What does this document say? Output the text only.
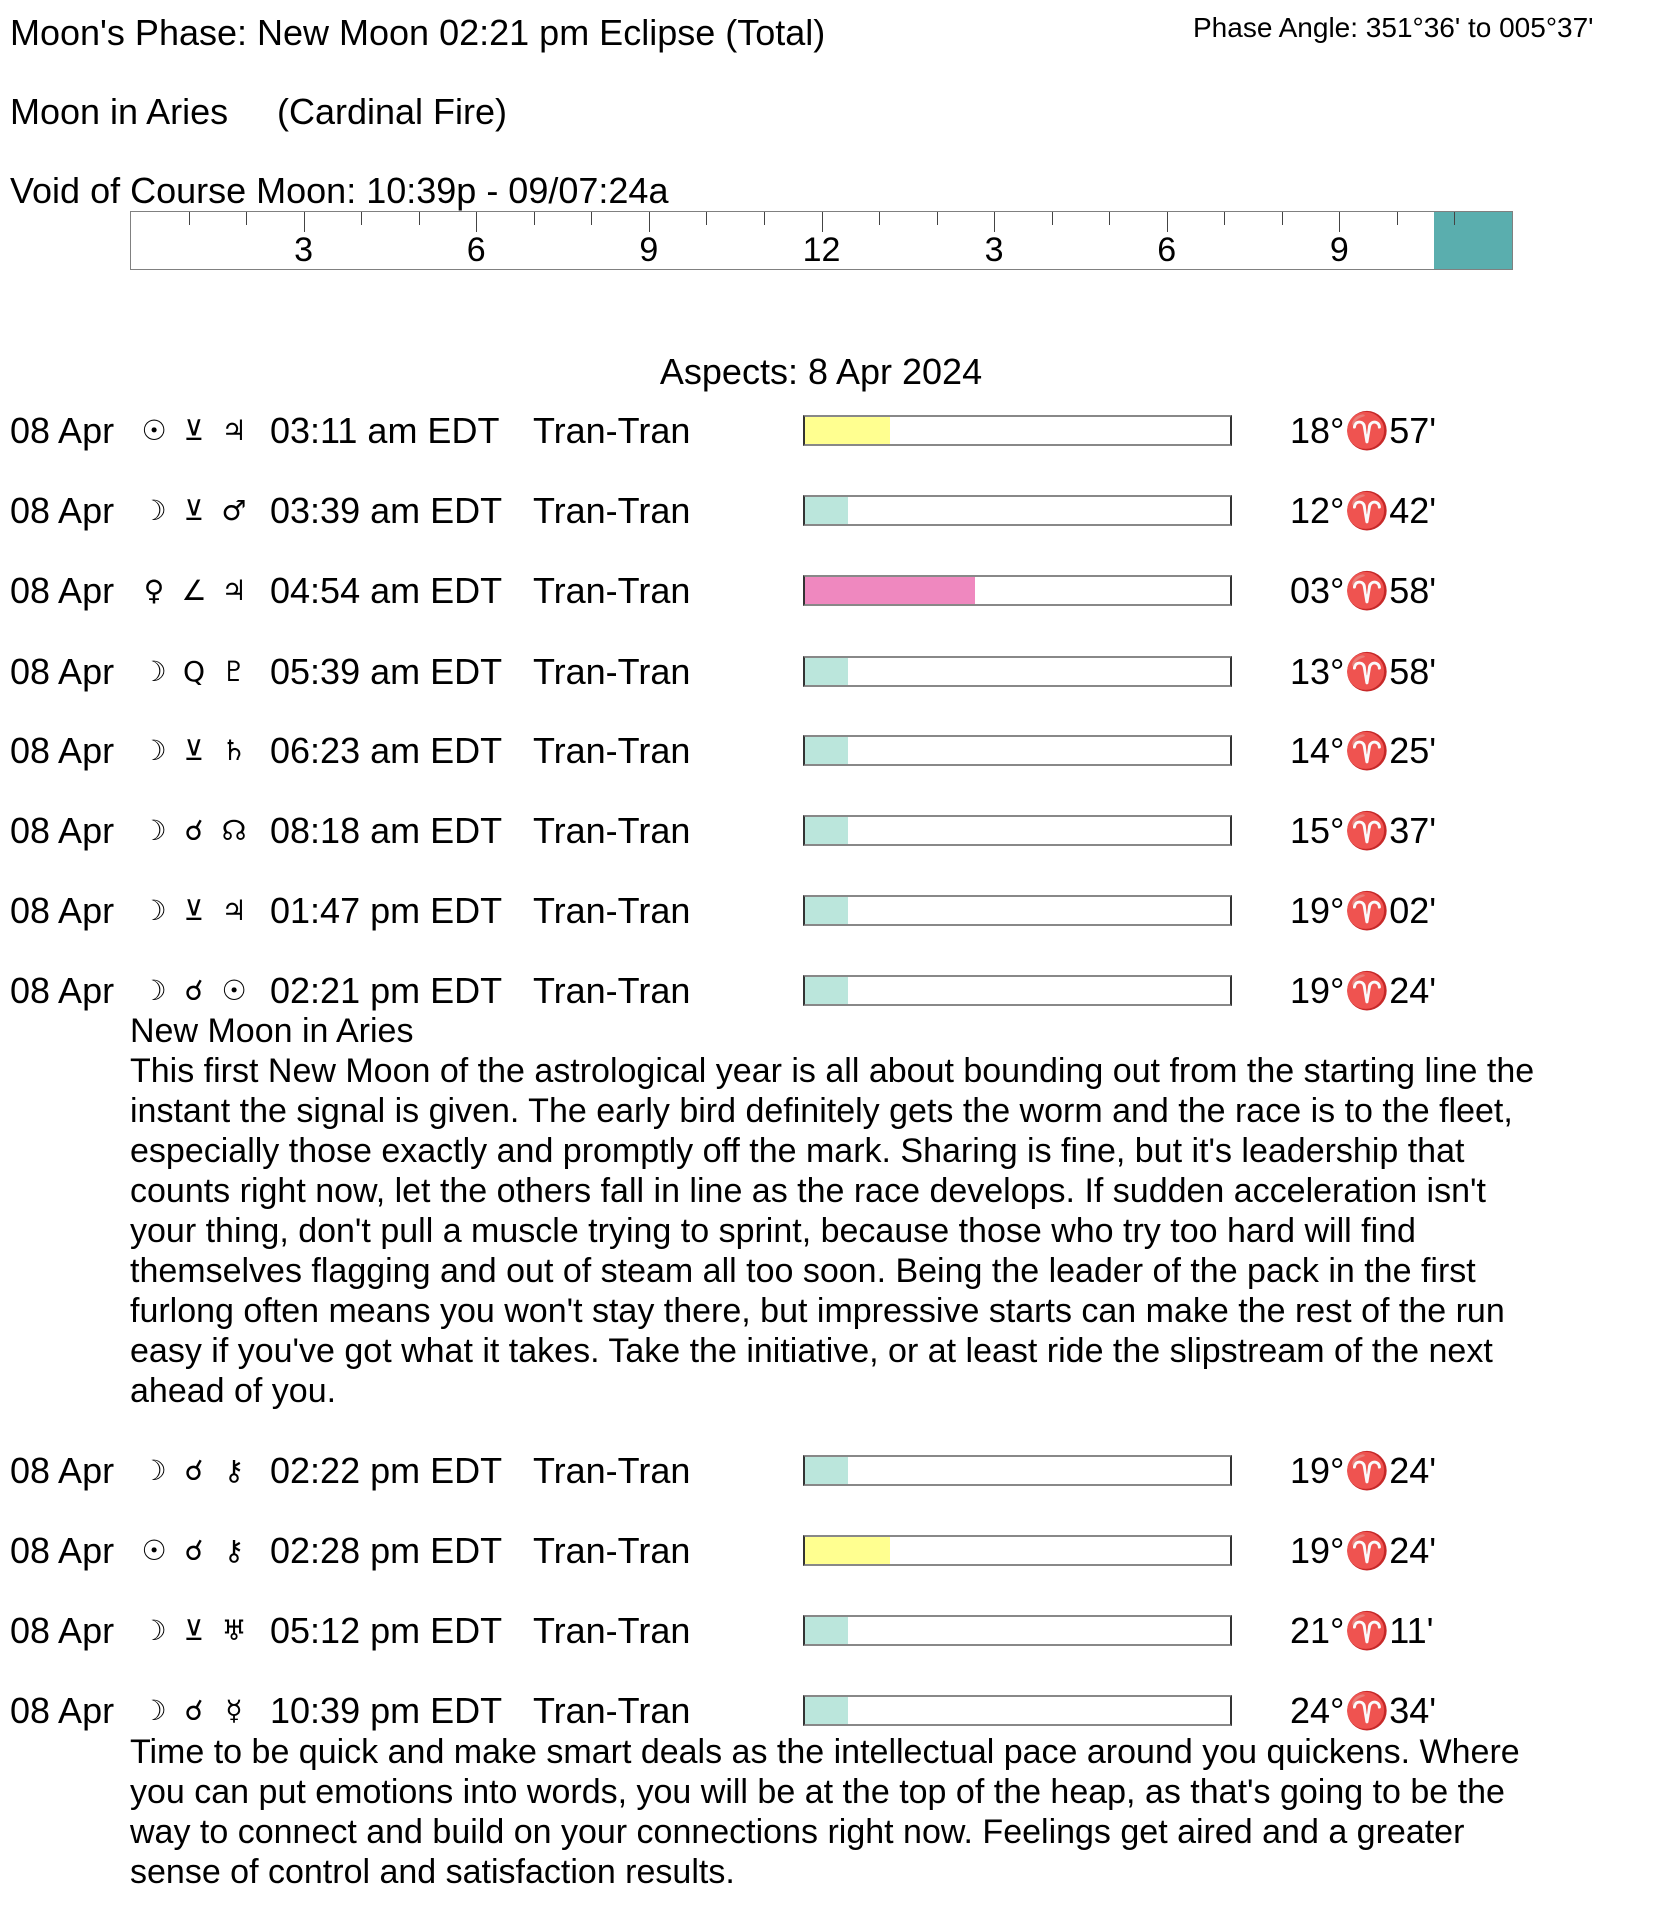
Moon's Phase: New Moon 02:21 pm Eclipse (Total)	Phase Angle: 351°36' to 005°37'
Moon in Aries (Cardinal Fire)
Void of Course Moon: 10:39p - 09/07:24a
3	6	9	12	3	6	9
Aspects: 8 Apr 2024
08 Apr ☉ ⊻ ♃ 03:11 am EDT Tran-Tran	18°♈57'
08 Apr ☽ ⊻ ♂ 03:39 am EDT Tran-Tran	12°♈42'
08 Apr ♀ ∠ ♃ 04:54 am EDT Tran-Tran	03°♈58'
08 Apr ☽ Q ♇ 05:39 am EDT Tran-Tran	13°♈58'
08 Apr ☽ ⊻ ♄ 06:23 am EDT Tran-Tran	14°♈25'
08 Apr ☽ ☌ ☊ 08:18 am EDT Tran-Tran	15°♈37'
08 Apr ☽ ⊻ ♃ 01:47 pm EDT Tran-Tran	19°♈02'
08 Apr ☽ ☌ ☉ 02:21 pm EDT Tran-Tran	19°♈24'
08 Apr ☽ ☌ ⚷ 02:22 pm EDT Tran-Tran	19°♈24'
08 Apr ☉ ☌ ⚷ 02:28 pm EDT Tran-Tran	19°♈24'
08 Apr ☽ ⊻ ♅ 05:12 pm EDT Tran-Tran	21°♈11'
08 Apr ☽ ☌ ☿ 10:39 pm EDT Tran-Tran	24°♈34'
New Moon in Aries
This first New Moon of the astrological year is all about bounding out from the starting line the
instant the signal is given. The early bird definitely gets the worm and the race is to the fleet,
especially those exactly and promptly off the mark. Sharing is fine, but it's leadership that
counts right now, let the others fall in line as the race develops. If sudden acceleration isn't
your thing, don't pull a muscle trying to sprint, because those who try too hard will find
themselves flagging and out of steam all too soon. Being the leader of the pack in the first
furlong often means you won't stay there, but impressive starts can make the rest of the run
easy if you've got what it takes. Take the initiative, or at least ride the slipstream of the next
ahead of you.
Time to be quick and make smart deals as the intellectual pace around you quickens. Where
you can put emotions into words, you will be at the top of the heap, as that's going to be the
way to connect and build on your connections right now. Feelings get aired and a greater
sense of control and satisfaction results.
